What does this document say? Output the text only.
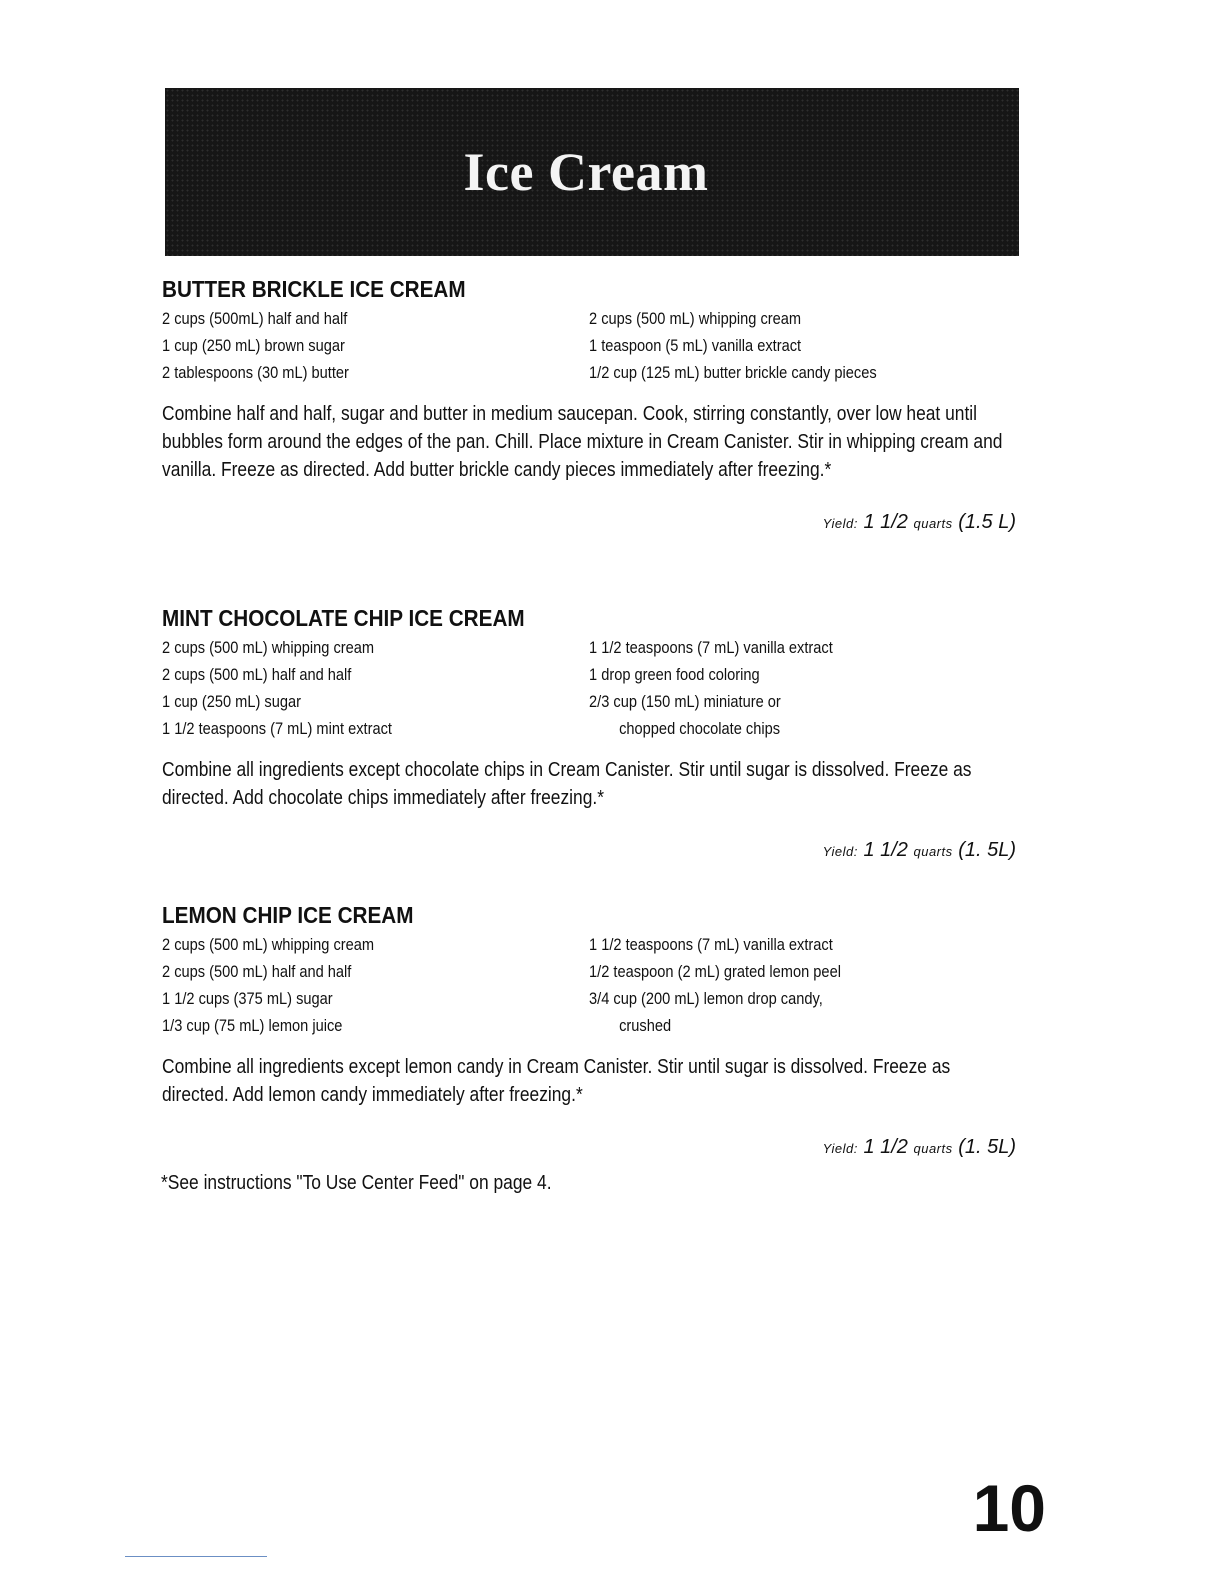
Ice Cream
BUTTER BRICKLE ICE CREAM
2 cups (500mL) half and half
1 cup (250 mL) brown sugar
2 tablespoons (30 mL) butter
2 cups (500 mL) whipping cream
1 teaspoon (5 mL) vanilla extract
1/2 cup (125 mL) butter brickle candy pieces
Combine half and half, sugar and butter in medium saucepan. Cook, stirring constantly, over low heat until bubbles form around the edges of the pan. Chill. Place mixture in Cream Canister. Stir in whipping cream and vanilla. Freeze as directed. Add butter brickle candy pieces immediately after freezing.*
Yield: 1 1/2 quarts (1.5 L)
MINT CHOCOLATE CHIP ICE CREAM
2 cups (500 mL) whipping cream
2 cups (500 mL) half and half
1 cup (250 mL) sugar
1 1/2 teaspoons (7 mL) mint extract
1 1/2 teaspoons (7 mL) vanilla extract
1 drop green food coloring
2/3 cup (150 mL) miniature or
chopped chocolate chips
Combine all ingredients except chocolate chips in Cream Canister. Stir until sugar is dissolved. Freeze as directed. Add chocolate chips immediately after freezing.*
Yield: 1 1/2 quarts (1. 5L)
LEMON CHIP ICE CREAM
2 cups (500 mL) whipping cream
2 cups (500 mL) half and half
1 1/2 cups (375 mL) sugar
1/3 cup (75 mL) lemon juice
1 1/2 teaspoons (7 mL) vanilla extract
1/2 teaspoon (2 mL) grated lemon peel
3/4 cup (200 mL) lemon drop candy,
crushed
Combine all ingredients except lemon candy in Cream Canister. Stir until sugar is dissolved. Freeze as directed. Add lemon candy immediately after freezing.*
Yield: 1 1/2 quarts (1. 5L)
*See instructions "To Use Center Feed" on page 4.
10
